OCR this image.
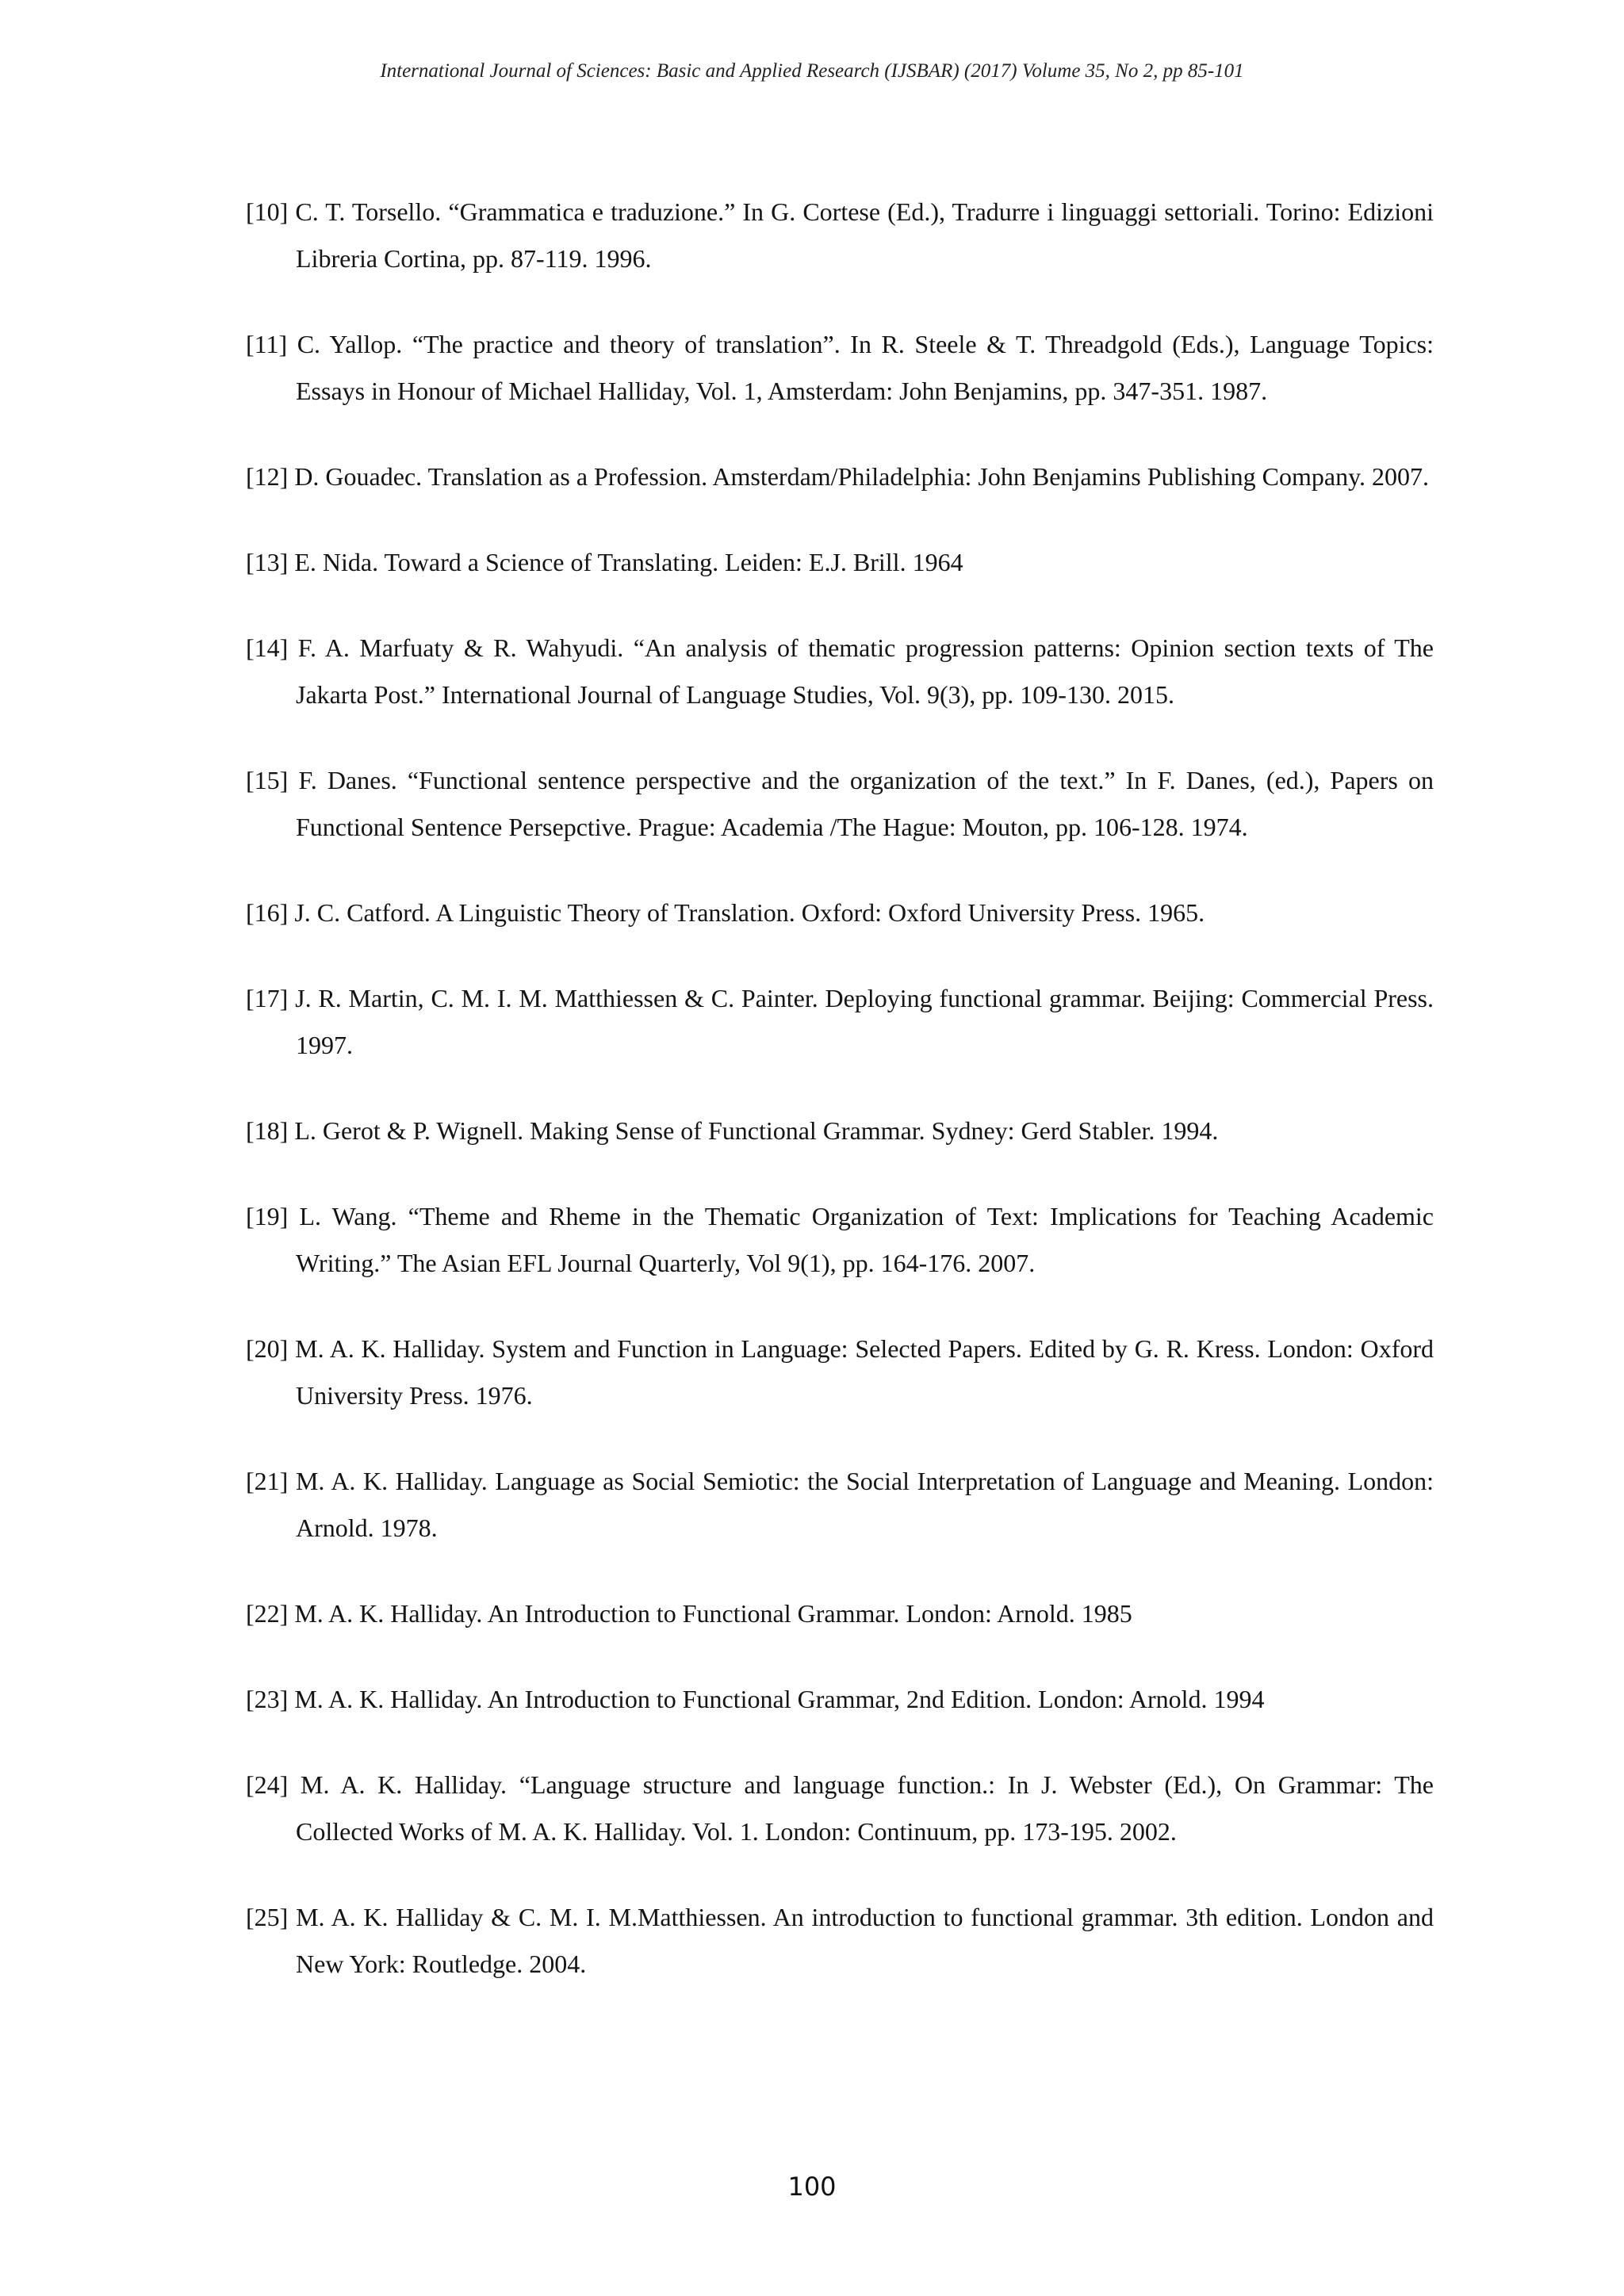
International Journal of Sciences: Basic and Applied Research (IJSBAR) (2017) Volume 35, No 2, pp 85-101

[10] C. T. Torsello. “Grammatica e traduzione.” In G. Cortese (Ed.), Tradurre i linguaggi settoriali. Torino: Edizioni Libreria Cortina, pp. 87-119. 1996.

[11] C. Yallop. “The practice and theory of translation”. In R. Steele & T. Threadgold (Eds.), Language Topics: Essays in Honour of Michael Halliday, Vol. 1, Amsterdam: John Benjamins, pp. 347-351. 1987.

[12] D. Gouadec. Translation as a Profession. Amsterdam/Philadelphia: John Benjamins Publishing Company. 2007.

[13] E. Nida. Toward a Science of Translating. Leiden: E.J. Brill. 1964

[14] F. A. Marfuaty & R. Wahyudi. “An analysis of thematic progression patterns: Opinion section texts of The Jakarta Post.” International Journal of Language Studies, Vol. 9(3), pp. 109-130. 2015.

[15] F. Danes. “Functional sentence perspective and the organization of the text.” In F. Danes, (ed.), Papers on Functional Sentence Persepctive. Prague: Academia /The Hague: Mouton, pp. 106-128. 1974.

[16] J. C. Catford. A Linguistic Theory of Translation. Oxford: Oxford University Press. 1965.

[17] J. R. Martin, C. M. I. M. Matthiessen & C. Painter. Deploying functional grammar. Beijing: Commercial Press. 1997.

[18] L. Gerot & P. Wignell. Making Sense of Functional Grammar. Sydney: Gerd Stabler. 1994.

[19] L. Wang. “Theme and Rheme in the Thematic Organization of Text: Implications for Teaching Academic Writing.” The Asian EFL Journal Quarterly, Vol 9(1), pp. 164-176. 2007.

[20] M. A. K. Halliday. System and Function in Language: Selected Papers. Edited by G. R. Kress. London: Oxford University Press. 1976.

[21] M. A. K. Halliday. Language as Social Semiotic: the Social Interpretation of Language and Meaning. London: Arnold. 1978.

[22] M. A. K. Halliday. An Introduction to Functional Grammar. London: Arnold. 1985

[23] M. A. K. Halliday. An Introduction to Functional Grammar, 2nd Edition. London: Arnold. 1994

[24] M. A. K. Halliday. “Language structure and language function.: In J. Webster (Ed.), On Grammar: The Collected Works of M. A. K. Halliday. Vol. 1. London: Continuum, pp. 173-195. 2002.

[25] M. A. K. Halliday & C. M. I. M.Matthiessen. An introduction to functional grammar. 3th edition. London and New York: Routledge. 2004.

100
